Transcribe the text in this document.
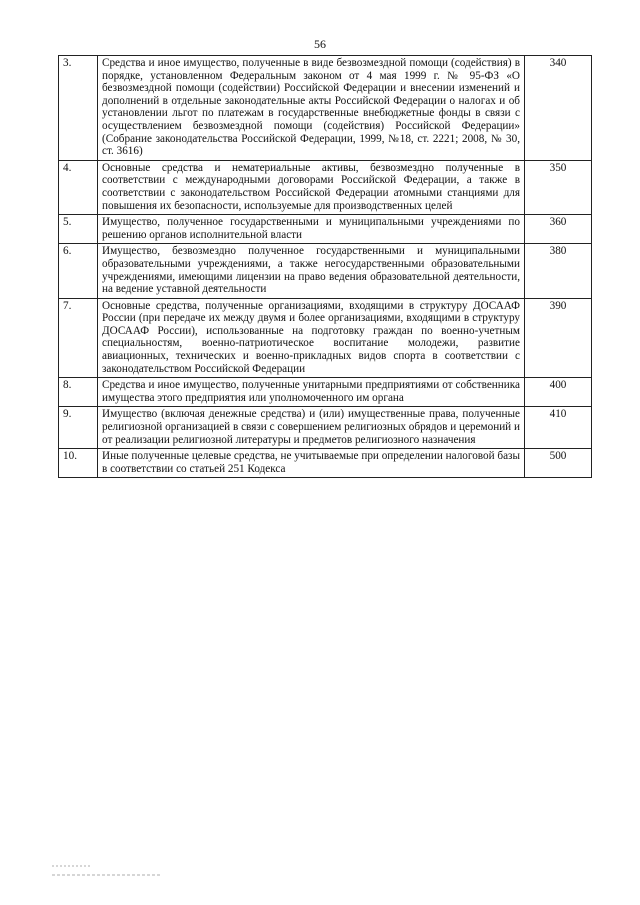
56
3.	Средства и иное имущество, полученные в виде безвозмездной помощи (содействия) в порядке, установленном Федеральным законом от 4 мая 1999 г. № 95-ФЗ «О безвозмездной помощи (содействии) Российской Федерации и внесении изменений и дополнений в отдельные законодательные акты Российской Федерации о налогах и об установлении льгот по платежам в государственные внебюджетные фонды в связи с осуществлением безвозмездной помощи (содействия) Российской Федерации» (Собрание законодательства Российской Федерации, 1999, №18, ст. 2221; 2008, № 30, ст. 3616)	340
4.	Основные средства и нематериальные активы, безвозмездно полученные в соответствии с международными договорами Российской Федерации, а также в соответствии с законодательством Российской Федерации атомными станциями для повышения их безопасности, используемые для производственных целей	350
5.	Имущество, полученное государственными и муниципальными учреждениями по решению органов исполнительной власти	360
6.	Имущество, безвозмездно полученное государственными и муниципальными образовательными учреждениями, а также негосударственными образовательными учреждениями, имеющими лицензии на право ведения образовательной деятельности, на ведение уставной деятельности	380
7.	Основные средства, полученные организациями, входящими в структуру ДОСААФ России (при передаче их между двумя и более организациями, входящими в структуру ДОСААФ России), использованные на подготовку граждан по военно-учетным специальностям, военно-патриотическое воспитание молодежи, развитие авиационных, технических и военно-прикладных видов спорта в соответствии с законодательством Российской Федерации	390
8.	Средства и иное имущество, полученные унитарными предприятиями от собственника имущества этого предприятия или уполномоченного им органа	400
9.	Имущество (включая денежные средства) и (или) имущественные права, полученные религиозной организацией в связи с совершением религиозных обрядов и церемоний и от реализации религиозной литературы и предметов религиозного назначения	410
10.	Иные полученные целевые средства, не учитываемые при определении налоговой базы в соответствии со статьей 251 Кодекса	500
